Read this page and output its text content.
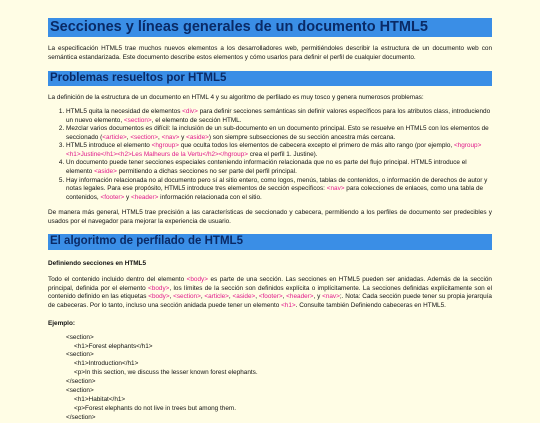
Secciones y líneas generales de un documento HTML5

La especificación HTML5 trae muchos nuevos elementos a los desarrolladores web, permitiéndoles describir la estructura de un documento web con semántica estandarizada. Este documento describe estos elementos y cómo usarlos para definir el perfil de cualquier documento.

Problemas resueltos por HTML5

La definición de la estructura de un documento en HTML 4 y su algoritmo de perfilado es muy tosco y genera numerosos problemas:

1. HTML5 quita la necesidad de elementos <div> para definir secciones semánticas sin definir valores específicos para los atributos class, introduciendo un nuevo elemento, <section>, el elemento de sección HTML.
2. Mezclar varios documentos es difícil: la inclusión de un sub-documento en un documento principal. Esto se resuelve en HTML5 con los elementos de seccionado (<article>, <section>, <nav> y <aside>) son siempre subsecciones de su sección ancestra más cercana.
3. HTML5 introduce el elemento <hgroup> que oculta todos los elementos de cabecera excepto el primero de más alto rango (por ejemplo, <hgroup><h1>Justine</h1><h2>Les Malheurs de la Vertu</h2></hgroup> crea el perfil 1. Justine).
4. Un documento puede tener secciones especiales conteniendo información relacionada que no es parte del flujo principal. HTML5 introduce el elemento <aside> permitiendo a dichas secciones no ser parte del perfil principal.
5. Hay información relacionada no al documento pero sí al sitio entero, como logos, menús, tablas de contenidos, o información de derechos de autor y notas legales. Para ese propósito, HTML5 introduce tres elementos de sección específicos: <nav> para colecciones de enlaces, como una tabla de contenidos, <footer> y <header> información relacionada con el sitio.

De manera más general, HTML5 trae precisión a las características de seccionado y cabecera, permitiendo a los perfiles de documento ser predecibles y usados por el navegador para mejorar la experiencia de usuario.

El algoritmo de perfilado de HTML5
Definiendo secciones en HTML5

Todo el contenido incluido dentro del elemento <body> es parte de una sección. Las secciones en HTML5 pueden ser anidadas. Además de la sección principal, definida por el elemento <body>, los límites de la sección son definidos explícita o implícitamente. La secciones definidas explícitamente son el contenido definido en las etiquetas <body>, <section>, <article>, <aside>, <footer>, <header>, y <nav>;. Nota: Cada sección puede tener su propia jerarquía de cabeceras. Por lo tanto, incluso una sección anidada puede tener un elemento <h1>. Consulte también Definiendo cabeceras en HTML5.

Ejemplo:
<section>
<h1>Forest elephants</h1>
<section>
<h1>Introduction</h1>
<p>In this section, we discuss the lesser known forest elephants.
</section>
<section>
<h1>Habitat</h1>
<p>Forest elephants do not live in trees but among them.
</section>
